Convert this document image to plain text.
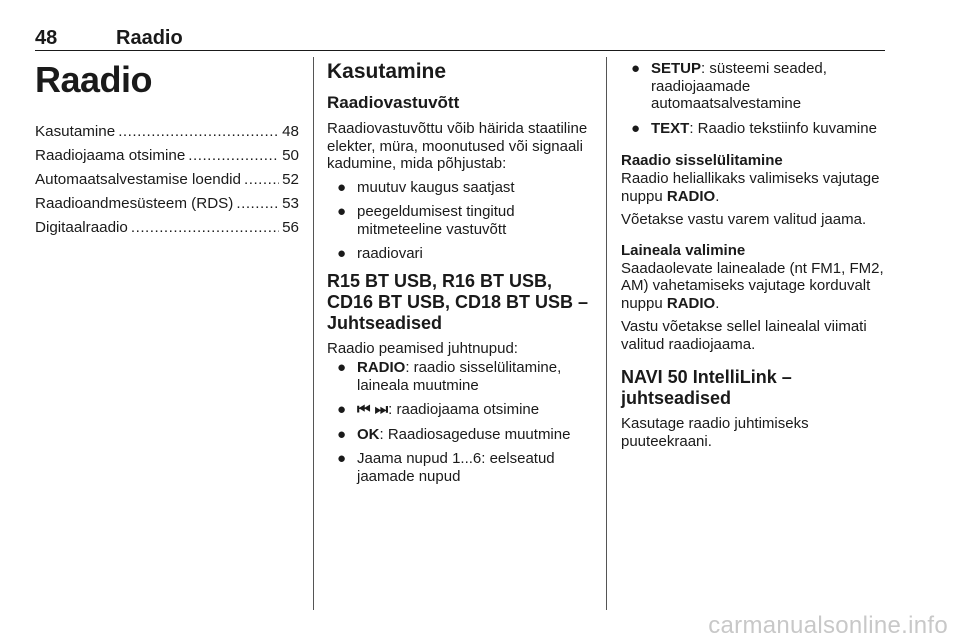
48	Raadio
Raadio
Kasutamine .....	48
Raadiojaama otsimine .....	50
Automaatsalvestamise loendid .....	52
Raadioandmesüsteem (RDS) .....	53
Digitaalraadio .....	56
Kasutamine
Raadiovastuvõtt

Raadiovastuvõttu võib häirida staatiline elekter, müra, moonutused või signaali kadumine, mida põhjustab:

● muutuv kaugus saatjast
● peegeldumisest tingitud mitmeteeline vastuvõtt
● raadiovari
R15 BT USB, R16 BT USB, CD16 BT USB, CD18 BT USB – Juhtseadised

Raadio peamised juhtnupud:

● RADIO: raadio sisselülitamine, laineala muutmine
● ⏮ ⏭: raadiojaama otsimine
● OK: Raadiosageduse muutmine
● Jaama nupud 1...6: eelseatud jaamade nupud
● SETUP: süsteemi seaded, raadiojaamade automaatsalvestamine
● TEXT: Raadio tekstiinfo kuvamine
Raadio sisselülitamine

Raadio heliallikaks valimiseks vajutage nuppu RADIO.

Võetakse vastu varem valitud jaama.

Laineala valimine

Saadaolevate lainealade (nt FM1, FM2, AM) vahetamiseks vajutage korduvalt nuppu RADIO.

Vastu võetakse sellel lainealal viimati valitud raadiojaama.

NAVI 50 IntelliLink – juhtseadised

Kasutage raadio juhtimiseks puuteekraani.

carmanualsonline.info
